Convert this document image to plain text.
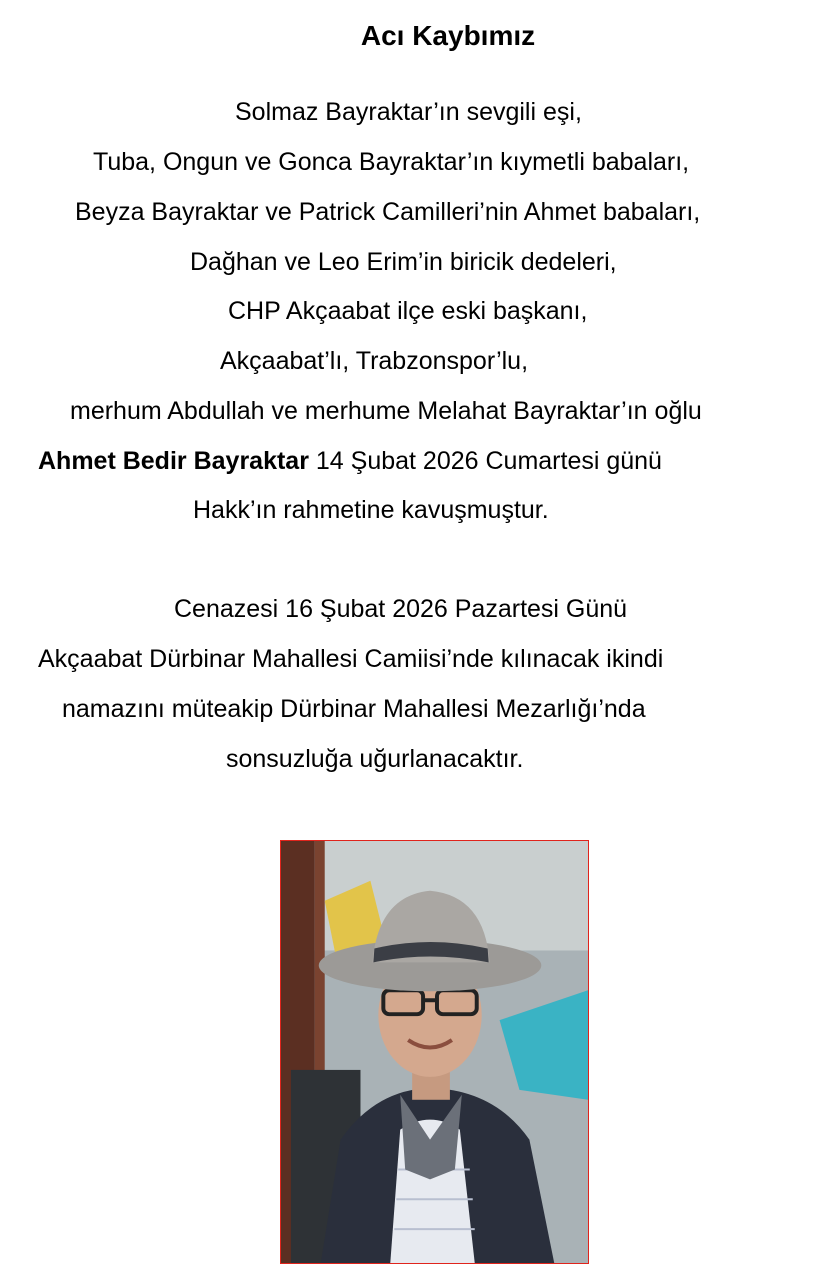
Acı Kaybımız
Solmaz Bayraktar’ın sevgili eşi,
Tuba, Ongun ve Gonca Bayraktar’ın kıymetli babaları,
Beyza Bayraktar ve Patrick Camilleri’nin Ahmet babaları,
Dağhan ve Leo Erim’in biricik dedeleri,
CHP Akçaabat ilçe eski başkanı,
Akçaabat’lı, Trabzonspor’lu,
merhum Abdullah ve merhume Melahat Bayraktar’ın oğlu
Ahmet Bedir Bayraktar 14 Şubat 2026 Cumartesi günü
Hakk’ın rahmetine kavuşmuştur.
Cenazesi 16 Şubat 2026 Pazartesi Günü
Akçaabat Dürbinar Mahallesi Camiisi’nde kılınacak ikindi
namazını müteakip Dürbinar Mahallesi Mezarlığı’nda
sonsuzluğa uğurlanacaktır.
